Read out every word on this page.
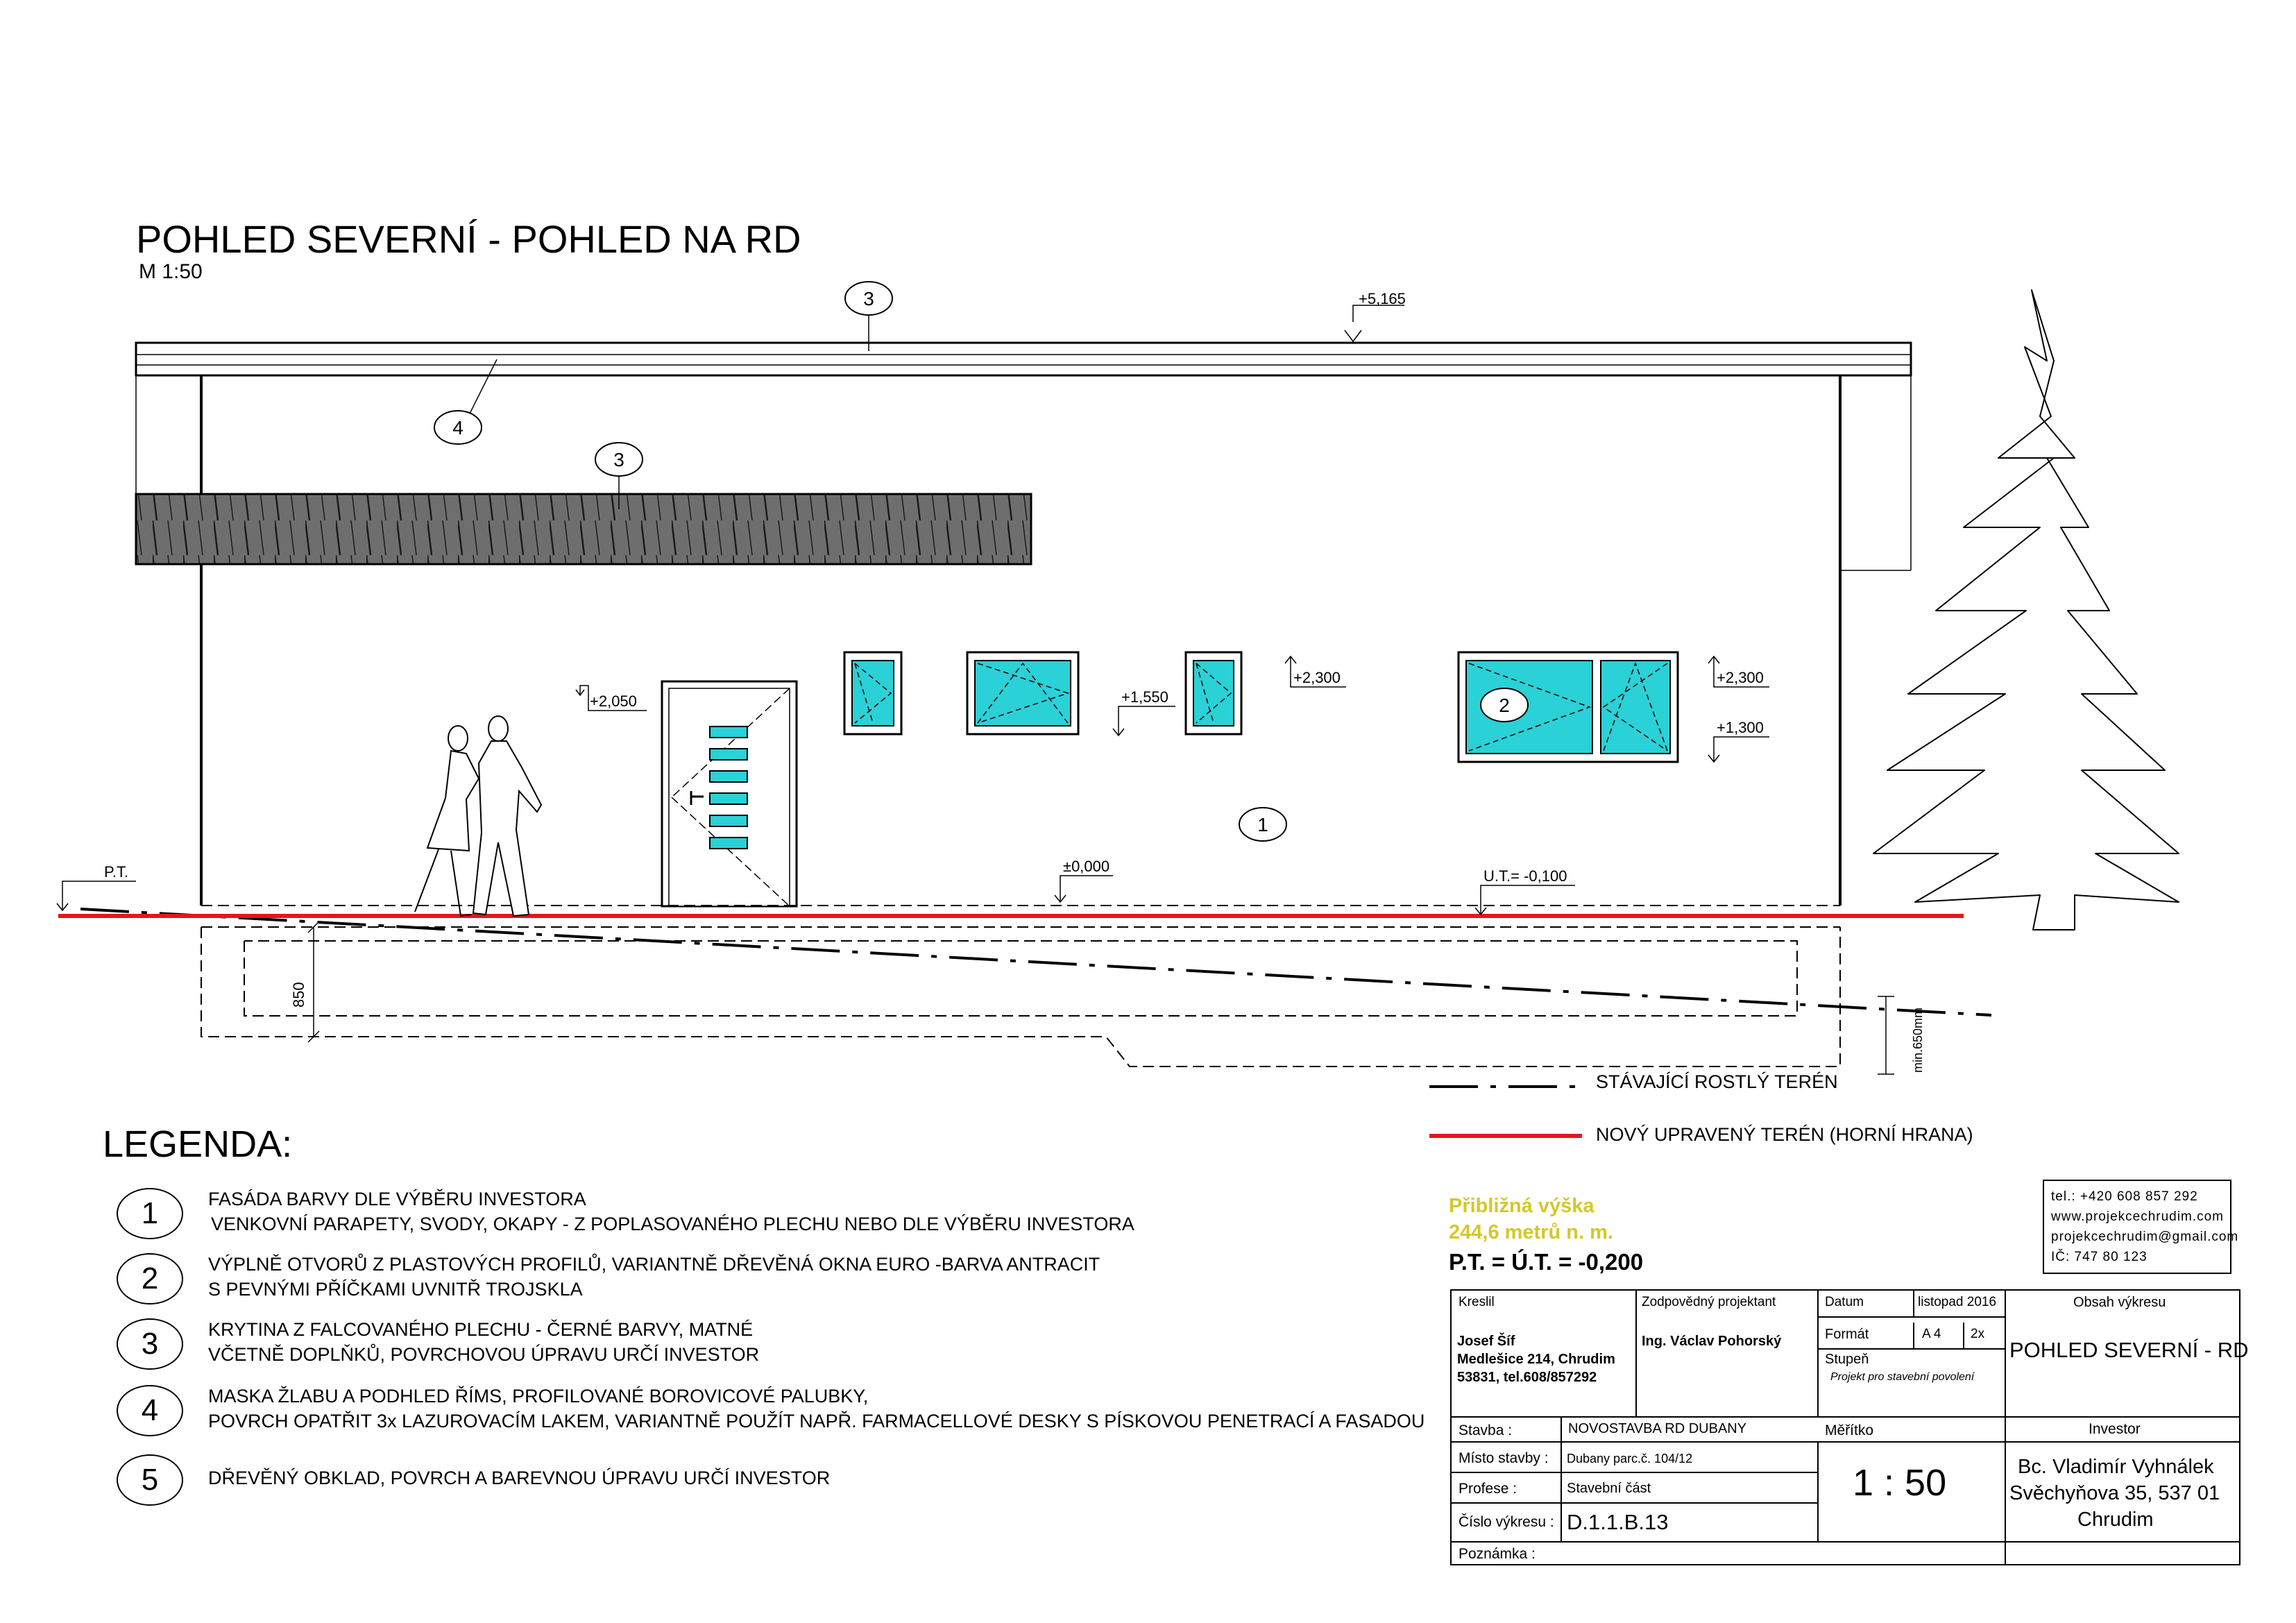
+5,165
+2,050	+1,550
+2,300	+2,300
+1,300
±0,000
U.T.= -0,100
P.T.
850
min.650mm
3
4
3
2
1
POHLED SEVERNÍ - POHLED NA RD
M 1:50
STÁVAJÍCÍ ROSTLÝ TERÉN
NOVÝ UPRAVENÝ TERÉN (HORNÍ HRANA)
LEGENDA:
1	FASÁDA BARVY DLE VÝBĚRU INVESTORA
VENKOVNÍ PARAPETY, SVODY, OKAPY - Z POPLASOVANÉHO PLECHU NEBO DLE VÝBĚRU INVESTORA
2	VÝPLNĚ OTVORŮ Z PLASTOVÝCH PROFILŮ, VARIANTNĚ DŘEVĚNÁ OKNA EURO -BARVA ANTRACIT
S PEVNÝMI PŘÍČKAMI UVNITŘ TROJSKLA
3	KRYTINA Z FALCOVANÉHO PLECHU - ČERNÉ BARVY, MATNÉ
VČETNĚ DOPLŇKŮ, POVRCHOVOU ÚPRAVU URČÍ INVESTOR
4	MASKA ŽLABU A PODHLED ŘÍMS, PROFILOVANÉ BOROVICOVÉ PALUBKY,
POVRCH OPATŘIT 3x LAZUROVACÍM LAKEM, VARIANTNĚ POUŽÍT NAPŘ. FARMACELLOVÉ DESKY S PÍSKOVOU PENETRACÍ A FASADOU
5	DŘEVĚNÝ OBKLAD, POVRCH A BAREVNOU ÚPRAVU URČÍ INVESTOR
Přibližná výška
244,6 metrů n. m.
P.T. = Ú.T. = -0,200
tel.: +420 608 857 292
www.projekcechrudim.com
projekcechrudim@gmail.com
IČ: 747 80 123
Kreslil
Josef Šíf
Medlešice 214, Chrudim
53831, tel.608/857292
Zodpovědný projektant
Ing. Václav Pohorský
Datum	listopad 2016
Formát	A 4 2x
Stupeň
Projekt pro stavební povolení
Obsah výkresu
POHLED SEVERNÍ - RD
Stavba :	NOVOSTAVBA RD DUBANY	Měřítko	Investor
Místo stavby : Dubany parc.č. 104/12
1 : 50	Bc. Vladimír Vyhnálek
Svěchyňova 35, 537 01
Chrudim
Profese :	Stavební část
Číslo výkresu : D.1.1.B.13
Poznámka :
